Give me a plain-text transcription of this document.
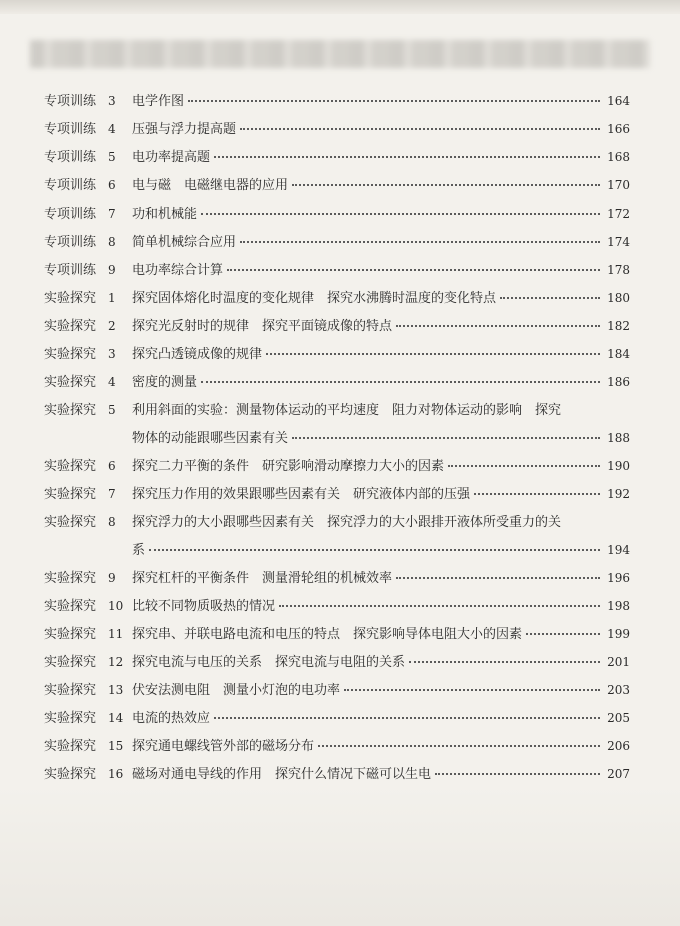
专项训练 3	电学作图	164
专项训练 4	压强与浮力提高题	166
专项训练 5	电功率提高题	168
专项训练 6	电与磁　电磁继电器的应用	170
专项训练 7	功和机械能	172
专项训练 8	简单机械综合应用	174
专项训练 9	电功率综合计算	178
实验探究 1	探究固体熔化时温度的变化规律　探究水沸腾时温度的变化特点	180
实验探究 2	探究光反射时的规律　探究平面镜成像的特点	182
实验探究 3	探究凸透镜成像的规律	184
实验探究 4	密度的测量	186
实验探究 5	利用斜面的实验：测量物体运动的平均速度　阻力对物体运动的影响　探究
物体的动能跟哪些因素有关	188
实验探究 6	探究二力平衡的条件　研究影响滑动摩擦力大小的因素	190
实验探究 7	探究压力作用的效果跟哪些因素有关　研究液体内部的压强	192
实验探究 8	探究浮力的大小跟哪些因素有关　探究浮力的大小跟排开液体所受重力的关
系	194
实验探究 9	探究杠杆的平衡条件　测量滑轮组的机械效率	196
实验探究 10 比较不同物质吸热的情况	198
实验探究 11 探究串、并联电路电流和电压的特点　探究影响导体电阻大小的因素	199
实验探究 12 探究电流与电压的关系　探究电流与电阻的关系	201
实验探究 13 伏安法测电阻　测量小灯泡的电功率	203
实验探究 14 电流的热效应	205
实验探究 15 探究通电螺线管外部的磁场分布	206
实验探究 16 磁场对通电导线的作用　探究什么情况下磁可以生电	207
